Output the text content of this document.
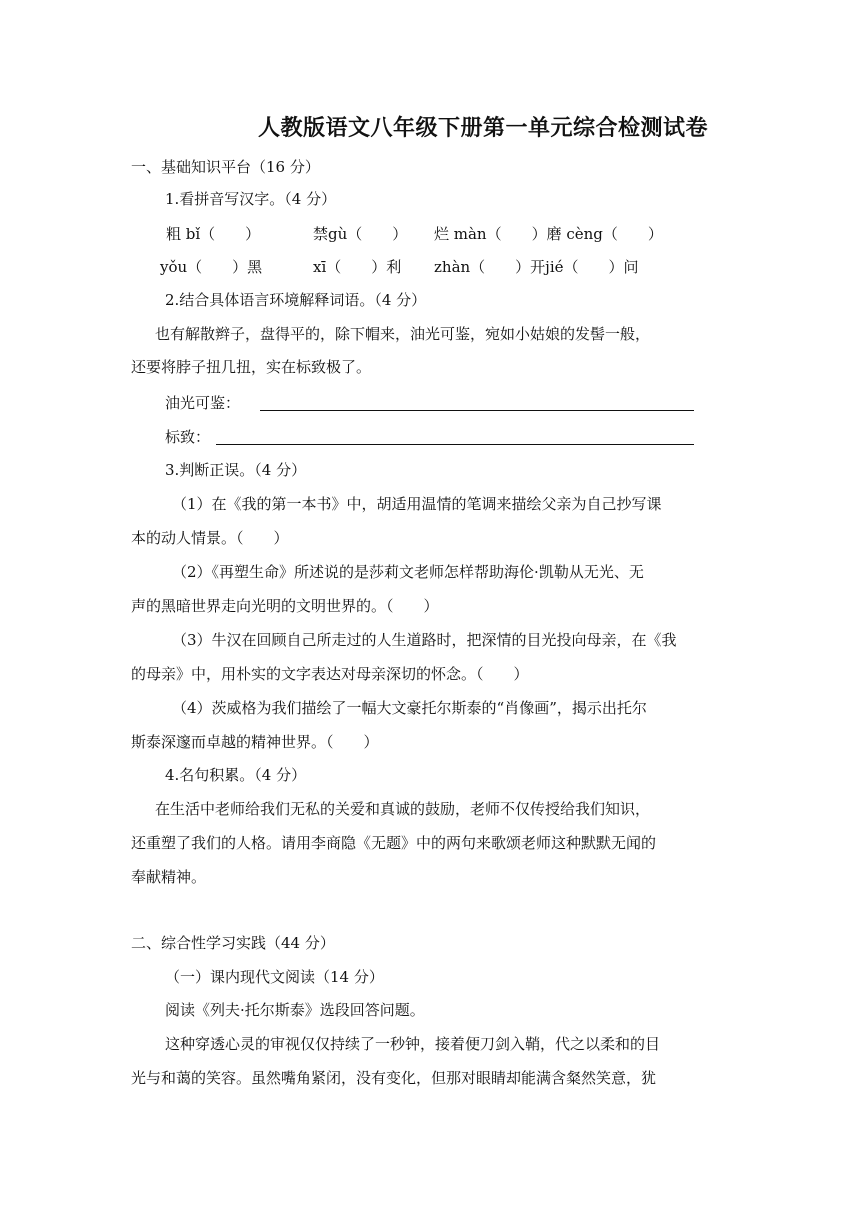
人教版语文八年级下册第一单元综合检测试卷
一、基础知识平台（16 分）
1.看拼音写汉字。（4 分）
粗 bǐ（　　）	禁gù（　　） 烂 màn（　　）磨 cèng（　　）
yǒu（　　）黑	xī（　　）利 zhàn（　　）开jié（　　）问
2.结合具体语言环境解释词语。（4 分）
也有解散辫子，盘得平的，除下帽来，油光可鉴，宛如小姑娘的发髻一般，
还要将脖子扭几扭，实在标致极了。
油光可鉴：
标致：
3.判断正误。（4 分）
（1）在《我的第一本书》中，胡适用温情的笔调来描绘父亲为自己抄写课
本的动人情景。（　　）
（2）《再塑生命》所述说的是莎莉文老师怎样帮助海伦·凯勒从无光、无
声的黑暗世界走向光明的文明世界的。（　　）
（3）牛汉在回顾自己所走过的人生道路时，把深情的目光投向母亲，在《我
的母亲》中，用朴实的文字表达对母亲深切的怀念。（　　）
（4）茨威格为我们描绘了一幅大文豪托尔斯泰的“肖像画”，揭示出托尔
斯泰深邃而卓越的精神世界。（　　）
4.名句积累。（4 分）
在生活中老师给我们无私的关爱和真诚的鼓励，老师不仅传授给我们知识，
还重塑了我们的人格。请用李商隐《无题》中的两句来歌颂老师这种默默无闻的
奉献精神。
二、综合性学习实践（44 分）
（一）课内现代文阅读（14 分）
阅读《列夫·托尔斯泰》选段回答问题。
这种穿透心灵的审视仅仅持续了一秒钟，接着便刀剑入鞘，代之以柔和的目
光与和蔼的笑容。虽然嘴角紧闭，没有变化，但那对眼睛却能满含粲然笑意，犹
